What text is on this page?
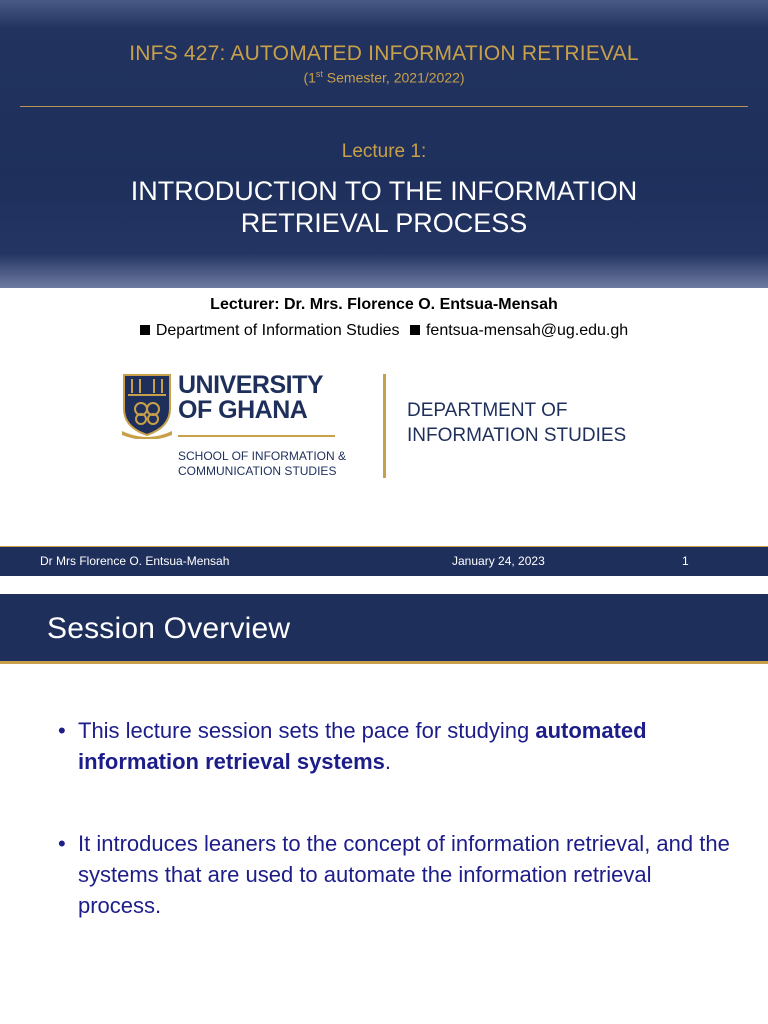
INFS 427: AUTOMATED INFORMATION RETRIEVAL
(1st Semester, 2021/2022)
Lecture 1:
INTRODUCTION TO THE INFORMATION
RETRIEVAL PROCESS
Lecturer: Dr. Mrs. Florence O. Entsua-Mensah
Department of Information Studies fentsua-mensah@ug.edu.gh
UNIVERSITY
OF GHANA
SCHOOL OF INFORMATION &
COMMUNICATION STUDIES
DEPARTMENT OF
INFORMATION STUDIES
Dr Mrs Florence O. Entsua-Mensah	January 24, 2023	1
Session Overview
• This lecture session sets the pace for studying automated information retrieval systems.
• It introduces leaners to the concept of information retrieval, and the systems that are used to automate the information retrieval process.
